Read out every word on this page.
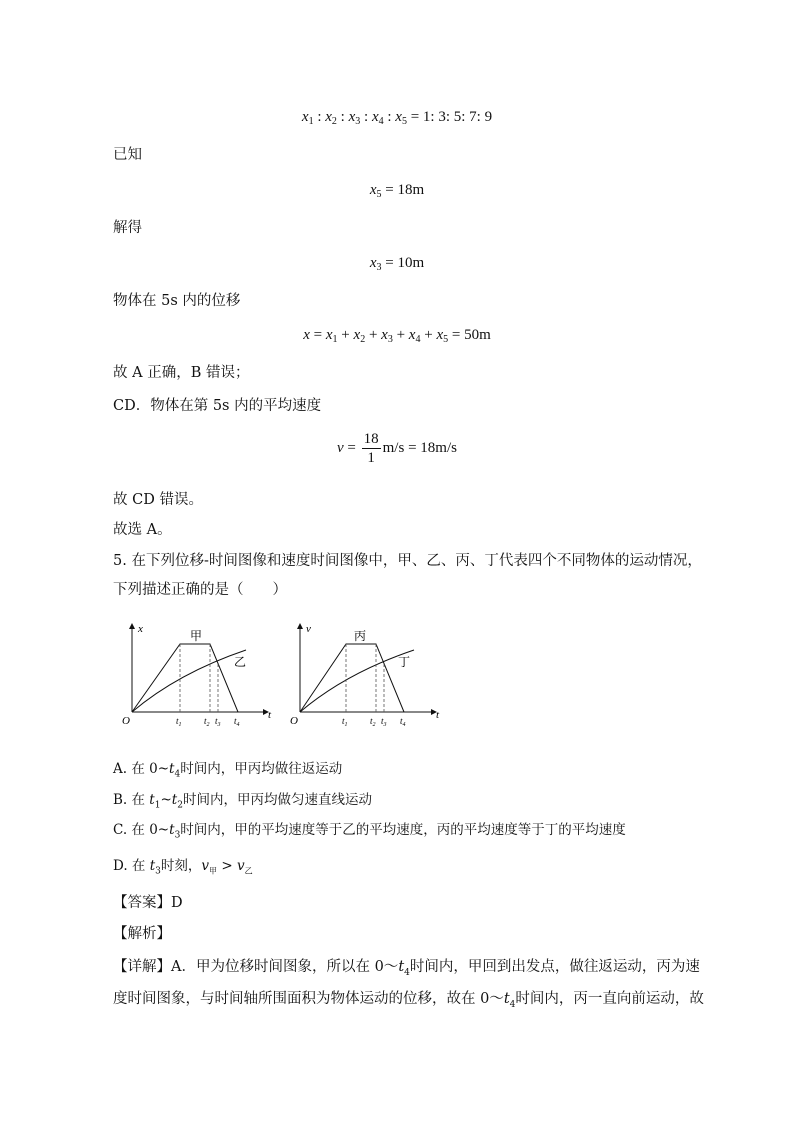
$x_1$ : $x_2$ : $x_3$ : $x_4$ : $x_5 = 1$: 3: 5: 7: 9
已知
$x_5 = 18m$
解得
$x_3 = 10m$
物体在 5s 内的位移
$x = x_1 + x_2 + x_3 + x_4 + x_5 = 50m$
故 A 正确，B 错误；
CD．物体在第 5s 内的平均速度
$v = \frac{18}{1} m/s = 18m/s$
故 CD 错误。
故选 A。
5. 在下列位移-时间图像和速度时间图像中，甲、乙、丙、丁代表四个不同物体的运动情况，
下列描述正确的是（　　）
x
t
O
甲
乙
$t_1$ $t_2$ $t_3$ $t_4$
v
t
O
丙
丁
$t_1$ $t_2$ $t_3$ $t_4$
A. 在 $0\sim t_4$时间内，甲丙均做往返运动
B. 在 $t_1\sim t_2$时间内，甲丙均做匀速直线运动
C. 在 $0\sim t_3$时间内，甲的平均速度等于乙的平均速度，丙的平均速度等于丁的平均速度
D. 在 $t_3$时刻，$v_甲 > v_乙$
【答案】D
【解析】
【详解】A．甲为位移时间图象，所以在 $0\sim t_4$时间内，甲回到出发点，做往返运动，丙为速
度时间图象，与时间轴所围面积为物体运动的位移，故在 $0\sim t_4$时间内，丙一直向前运动，故
